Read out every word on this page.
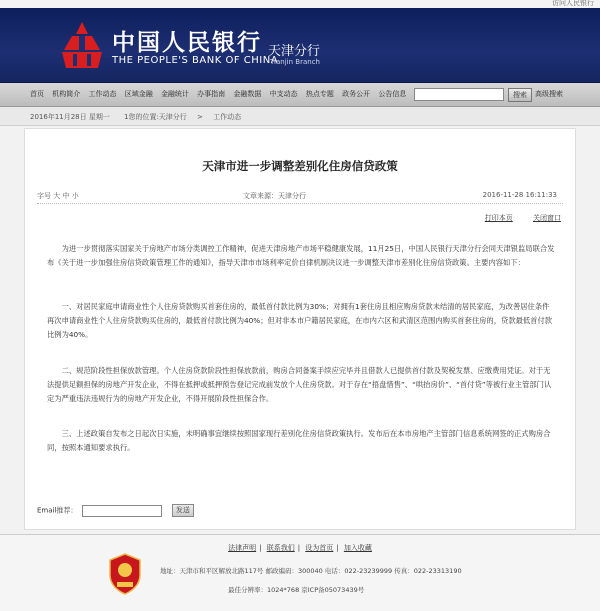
访问人民银行
中国人民银行
THE PEOPLE'S BANK OF CHINA
天津分行
Tianjin Branch
首页 机构简介 工作动态 区域金融 金融统计 办事指南 金融数据 中支动态 热点专题 政务公开 公告信息	搜索	高级搜索
2016年11月28日 星期一 1您的位置:天津分行 > 工作动态
天津市进一步调整差别化住房信贷政策
字号 大 中 小	文章来源：天津分行	2016-11-28 16:11:33
打印本页	关闭窗口

为进一步贯彻落实国家关于房地产市场分类调控工作精神，促进天津房地产市场平稳健康发展，11月25日，中国人民银行天津分行会同天津银监局联合发布《关于进一步加强住房信贷政策管理工作的通知》，指导天津市市场利率定价自律机制决议进一步调整天津市差别化住房信贷政策。主要内容如下：

一、对居民家庭申请商业性个人住房贷款购买首套住房的，最低首付款比例为30%；对拥有1套住房且相应购房贷款未结清的居民家庭，为改善居住条件再次申请商业性个人住房贷款购买住房的，最低首付款比例为40%；但对非本市户籍居民家庭，在市内六区和武清区范围内购买首套住房的，贷款最低首付款比例为40%。

二、规范阶段性担保放款管理。个人住房贷款阶段性担保放款前，购房合同备案手续应完毕并且借款人已提供首付款及契税发票、应缴费用凭证。对于无法提供足额担保的房地产开发企业，不得在抵押或抵押预告登记完成前发放个人住房贷款。对于存在“捂盘惜售”、“哄抬房价”、“首付贷”等被行业主管部门认定为严重违法违规行为的房地产开发企业，不得开展阶段性担保合作。

三、上述政策自发布之日起次日实施，未明确事宜继续按照国家现行差别化住房信贷政策执行。发布后在本市房地产主管部门信息系统网签的正式购房合同，按照本通知要求执行。

Email推荐：	发送
法律声明 | 联系我们 | 设为首页 | 加入收藏
地址：天津市和平区解放北路117号 邮政编码：300040 电话：022-23239999 传真：022-23313190
最佳分辨率：1024*768 京ICP备05073439号
